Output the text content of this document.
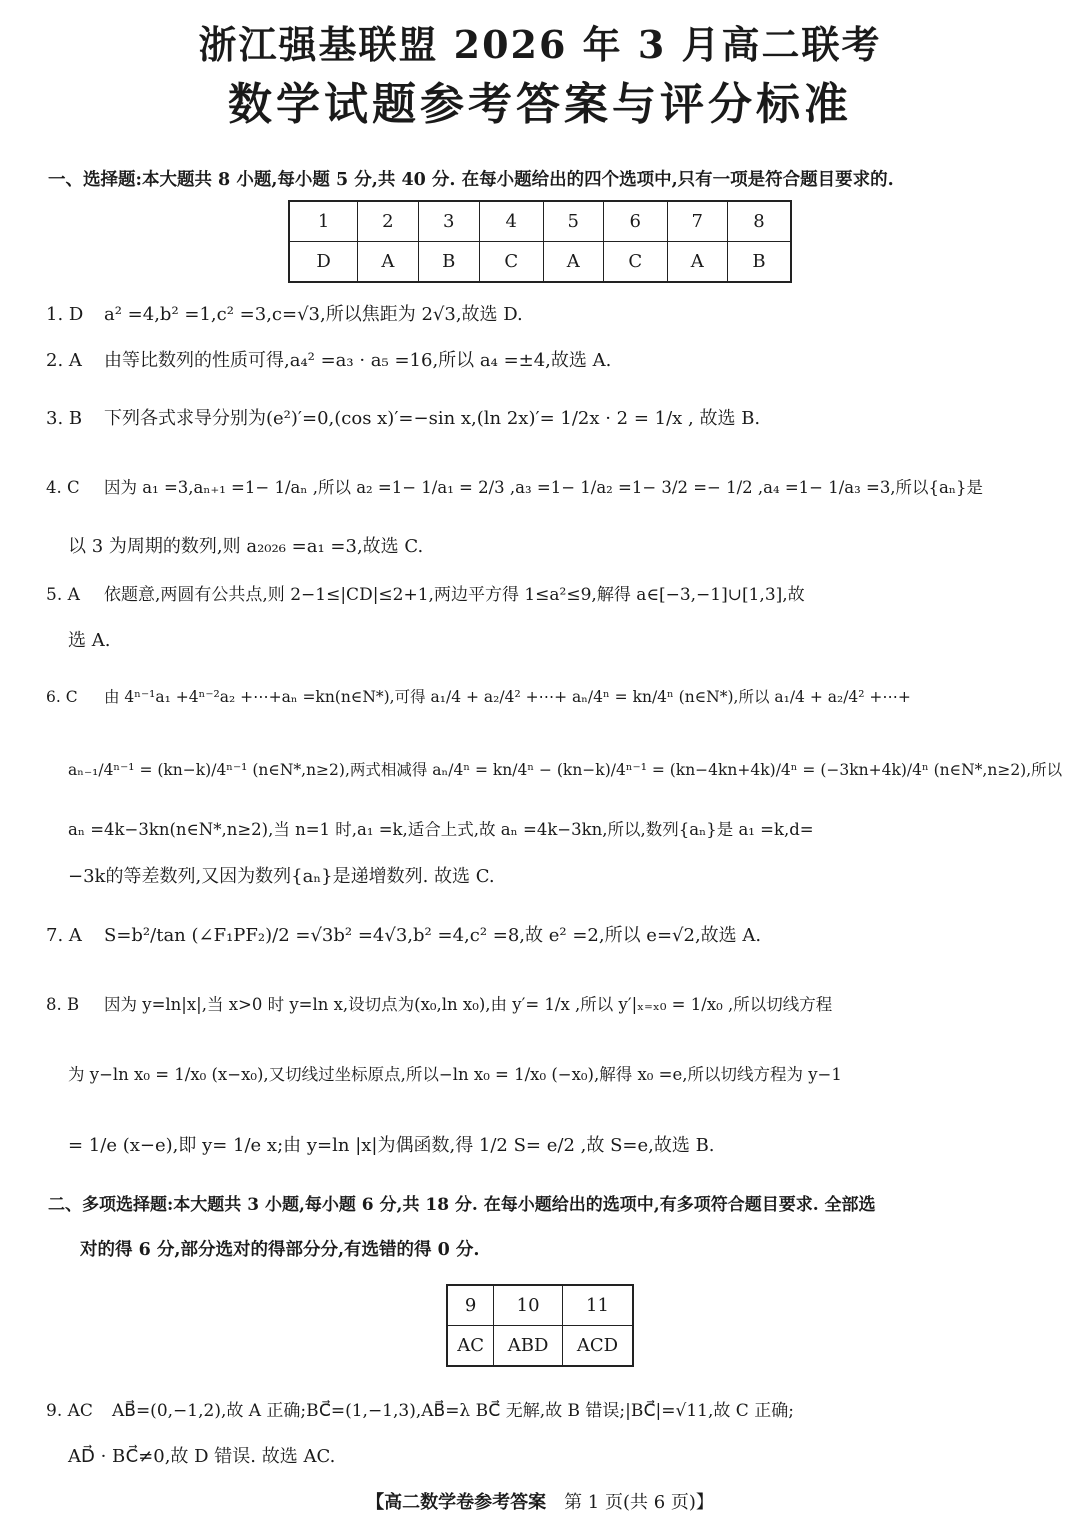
浙江强基联盟 2026 年 3 月高二联考
数学试题参考答案与评分标准
一、选择题:本大题共 8 小题,每小题 5 分,共 40 分. 在每小题给出的四个选项中,只有一项是符合题目要求的.
1	2	3	4	5	6	7	8
D	A	B	C	A	C	A	B
1. D a² =4,b² =1,c² =3,c=√3,所以焦距为 2√3,故选 D.
2. A 由等比数列的性质可得,a₄² =a₃ · a₅ =16,所以 a₄ =±4,故选 A.
3. B 下列各式求导分别为(e²)′=0,(cos x)′=−sin x,(ln 2x)′= 1/2x · 2 = 1/x , 故选 B.
4. C 因为 a₁ =3,aₙ₊₁ =1− 1/aₙ ,所以 a₂ =1− 1/a₁ = 2/3 ,a₃ =1− 1/a₂ =1− 3/2 =− 1/2 ,a₄ =1− 1/a₃ =3,所以{aₙ}是
以 3 为周期的数列,则 a₂₀₂₆ =a₁ =3,故选 C.
5. A 依题意,两圆有公共点,则 2−1≤|CD|≤2+1,两边平方得 1≤a²≤9,解得 a∈[−3,−1]∪[1,3],故
选 A.
6. C 由 4ⁿ⁻¹a₁ +4ⁿ⁻²a₂ +⋯+aₙ =kn(n∈N*),可得 a₁/4 + a₂/4² +⋯+ aₙ/4ⁿ = kn/4ⁿ (n∈N*),所以 a₁/4 + a₂/4² +⋯+
aₙ₋₁/4ⁿ⁻¹ = (kn−k)/4ⁿ⁻¹ (n∈N*,n≥2),两式相减得 aₙ/4ⁿ = kn/4ⁿ − (kn−k)/4ⁿ⁻¹ = (kn−4kn+4k)/4ⁿ = (−3kn+4k)/4ⁿ (n∈N*,n≥2),所以
aₙ =4k−3kn(n∈N*,n≥2),当 n=1 时,a₁ =k,适合上式,故 aₙ =4k−3kn,所以,数列{aₙ}是 a₁ =k,d=
−3k的等差数列,又因为数列{aₙ}是递增数列. 故选 C.
7. A S=b²/tan (∠F₁PF₂)/2 =√3b² =4√3,b² =4,c² =8,故 e² =2,所以 e=√2,故选 A.
8. B 因为 y=ln|x|,当 x>0 时 y=ln x,设切点为(x₀,ln x₀),由 y′= 1/x ,所以 y′|ₓ₌ₓ₀ = 1/x₀ ,所以切线方程
为 y−ln x₀ = 1/x₀ (x−x₀),又切线过坐标原点,所以−ln x₀ = 1/x₀ (−x₀),解得 x₀ =e,所以切线方程为 y−1
= 1/e (x−e),即 y= 1/e x;由 y=ln |x|为偶函数,得 1/2 S= e/2 ,故 S=e,故选 B.
二、多项选择题:本大题共 3 小题,每小题 6 分,共 18 分. 在每小题给出的选项中,有多项符合题目要求. 全部选
对的得 6 分,部分选对的得部分分,有选错的得 0 分.
9	10	11
AC	ABD	ACD
9. AC AB⃗=(0,−1,2),故 A 正确;BC⃗=(1,−1,3),AB⃗=λ BC⃗ 无解,故 B 错误;|BC⃗|=√11,故 C 正确;
AD⃗ · BC⃗≠0,故 D 错误. 故选 AC.
【高二数学卷参考答案 第 1 页(共 6 页)】
